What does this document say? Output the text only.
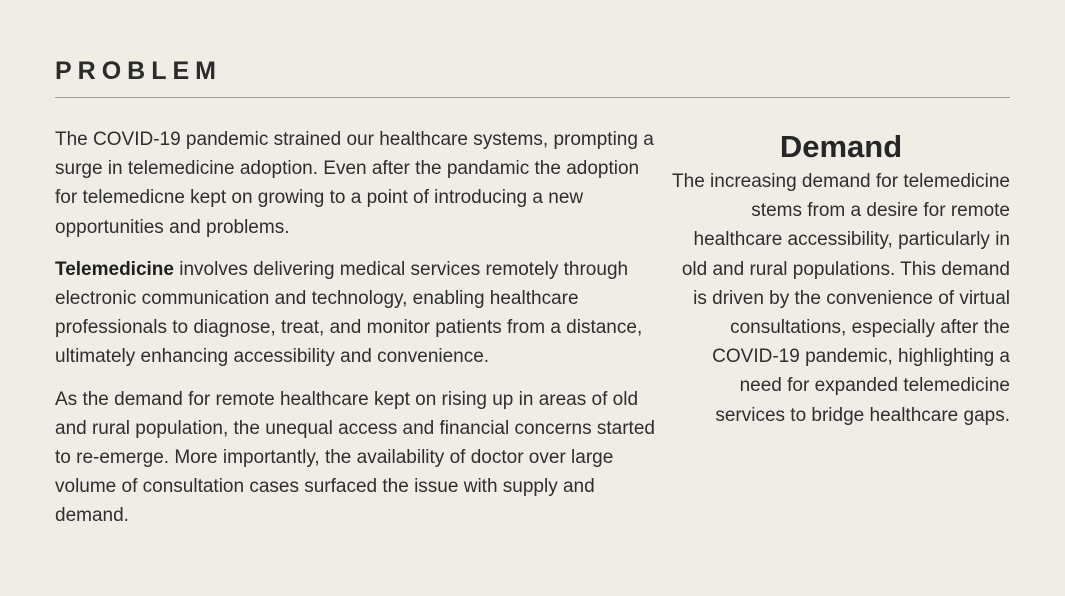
PROBLEM

The COVID-19 pandemic strained our healthcare systems, prompting a surge in telemedicine adoption. Even after the pandamic the adoption for telemedicne kept on growing to a point of introducing a new opportunities and problems.

Telemedicine involves delivering medical services remotely through electronic communication and technology, enabling healthcare professionals to diagnose, treat, and monitor patients from a distance, ultimately enhancing accessibility and convenience.

As the demand for remote healthcare kept on rising up in areas of old and rural population, the unequal access and financial concerns started to re-emerge. More importantly, the availability of doctor over large volume of consultation cases surfaced the issue with supply and demand.

Demand

The increasing demand for telemedicine stems from a desire for remote healthcare accessibility, particularly in old and rural populations. This demand is driven by the convenience of virtual consultations, especially after the COVID-19 pandemic, highlighting a need for expanded telemedicine services to bridge healthcare gaps.
